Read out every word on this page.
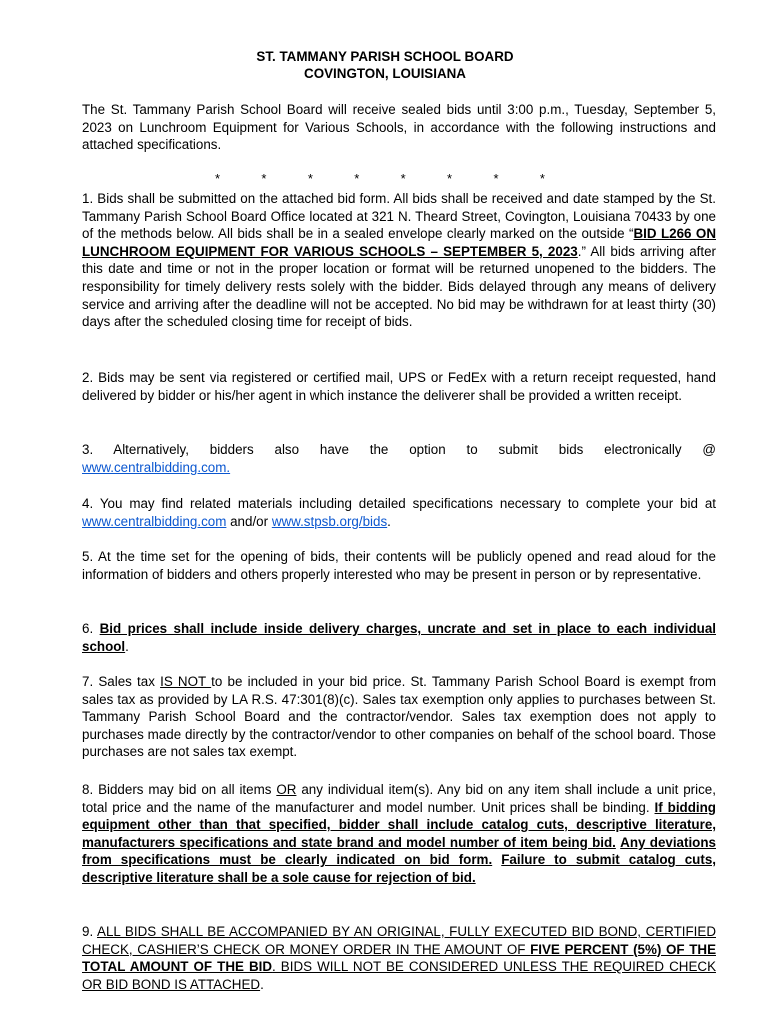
ST. TAMMANY PARISH SCHOOL BOARD
COVINGTON, LOUISIANA
The St. Tammany Parish School Board will receive sealed bids until 3:00 p.m., Tuesday, September 5, 2023 on Lunchroom Equipment for Various Schools, in accordance with the following instructions and attached specifications.
*	*	*	*	*	*	*	*
1. Bids shall be submitted on the attached bid form. All bids shall be received and date stamped by the St. Tammany Parish School Board Office located at 321 N. Theard Street, Covington, Louisiana 70433 by one of the methods below. All bids shall be in a sealed envelope clearly marked on the outside “BID L266 ON LUNCHROOM EQUIPMENT FOR VARIOUS SCHOOLS – SEPTEMBER 5, 2023.” All bids arriving after this date and time or not in the proper location or format will be returned unopened to the bidders. The responsibility for timely delivery rests solely with the bidder. Bids delayed through any means of delivery service and arriving after the deadline will not be accepted. No bid may be withdrawn for at least thirty (30) days after the scheduled closing time for receipt of bids.
2. Bids may be sent via registered or certified mail, UPS or FedEx with a return receipt requested, hand delivered by bidder or his/her agent in which instance the deliverer shall be provided a written receipt.
3. Alternatively, bidders also have the option to submit bids electronically @
www.centralbidding.com.
4. You may find related materials including detailed specifications necessary to complete your bid at www.centralbidding.com and/or www.stpsb.org/bids.
5. At the time set for the opening of bids, their contents will be publicly opened and read aloud for the information of bidders and others properly interested who may be present in person or by representative.
6. Bid prices shall include inside delivery charges, uncrate and set in place to each individual school.
7. Sales tax IS NOT to be included in your bid price. St. Tammany Parish School Board is exempt from sales tax as provided by LA R.S. 47:301(8)(c). Sales tax exemption only applies to purchases between St. Tammany Parish School Board and the contractor/vendor. Sales tax exemption does not apply to purchases made directly by the contractor/vendor to other companies on behalf of the school board. Those purchases are not sales tax exempt.
8. Bidders may bid on all items OR any individual item(s). Any bid on any item shall include a unit price, total price and the name of the manufacturer and model number. Unit prices shall be binding. If bidding equipment other than that specified, bidder shall include catalog cuts, descriptive literature, manufacturers specifications and state brand and model number of item being bid. Any deviations from specifications must be clearly indicated on bid form. Failure to submit catalog cuts, descriptive literature shall be a sole cause for rejection of bid.
9. ALL BIDS SHALL BE ACCOMPANIED BY AN ORIGINAL, FULLY EXECUTED BID BOND, CERTIFIED CHECK, CASHIER’S CHECK OR MONEY ORDER IN THE AMOUNT OF FIVE PERCENT (5%) OF THE TOTAL AMOUNT OF THE BID. BIDS WILL NOT BE CONSIDERED UNLESS THE REQUIRED CHECK OR BID BOND IS ATTACHED.
